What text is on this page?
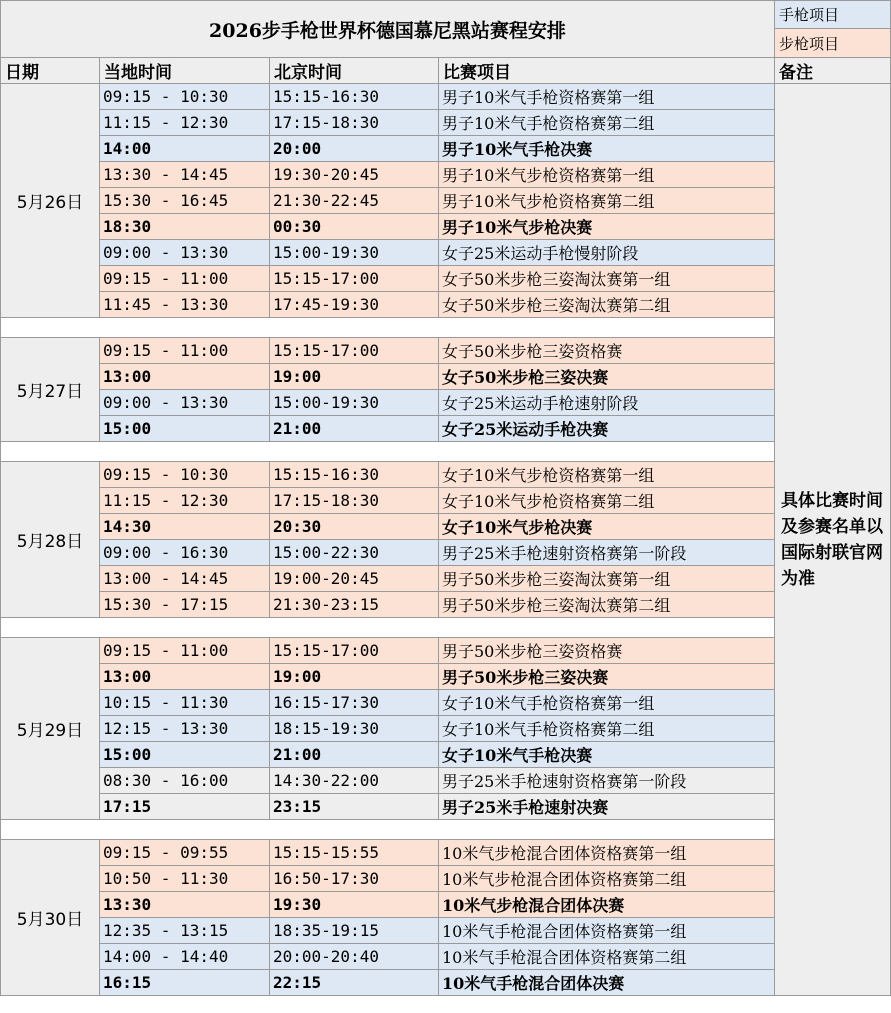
2026步手枪世界杯德国慕尼黑站赛程安排
手枪项目
步枪项目
日期	当地时间	北京时间	比赛项目	备注
5月26日
09:15 - 10:30	15:15-16:30	男子10米气手枪资格赛第一组
11:15 - 12:30	17:15-18:30	男子10米气手枪资格赛第二组
14:00	20:00	男子10米气手枪决赛
13:30 - 14:45	19:30-20:45	男子10米气步枪资格赛第一组
15:30 - 16:45	21:30-22:45	男子10米气步枪资格赛第二组
18:30	00:30	男子10米气步枪决赛
09:00 - 13:30	15:00-19:30	女子25米运动手枪慢射阶段
09:15 - 11:00	15:15-17:00	女子50米步枪三姿淘汰赛第一组
11:45 - 13:30	17:45-19:30	女子50米步枪三姿淘汰赛第二组
5月27日
09:15 - 11:00	15:15-17:00	女子50米步枪三姿资格赛
13:00	19:00	女子50米步枪三姿决赛
09:00 - 13:30	15:00-19:30	女子25米运动手枪速射阶段
15:00	21:00	女子25米运动手枪决赛
5月28日
09:15 - 10:30	15:15-16:30	女子10米气步枪资格赛第一组
11:15 - 12:30	17:15-18:30	女子10米气步枪资格赛第二组
14:30	20:30	女子10米气步枪决赛
09:00 - 16:30	15:00-22:30	男子25米手枪速射资格赛第一阶段
13:00 - 14:45	19:00-20:45	男子50米步枪三姿淘汰赛第一组
15:30 - 17:15	21:30-23:15	男子50米步枪三姿淘汰赛第二组
5月29日
09:15 - 11:00	15:15-17:00	男子50米步枪三姿资格赛
13:00	19:00	男子50米步枪三姿决赛
10:15 - 11:30	16:15-17:30	女子10米气手枪资格赛第一组
12:15 - 13:30	18:15-19:30	女子10米气手枪资格赛第二组
15:00	21:00	女子10米气手枪决赛
08:30 - 16:00	14:30-22:00	男子25米手枪速射资格赛第一阶段
17:15	23:15	男子25米手枪速射决赛
5月30日
09:15 - 09:55	15:15-15:55	10米气步枪混合团体资格赛第一组
10:50 - 11:30	16:50-17:30	10米气步枪混合团体资格赛第二组
13:30	19:30	10米气步枪混合团体决赛
12:35 - 13:15	18:35-19:15	10米气手枪混合团体资格赛第一组
14:00 - 14:40	20:00-20:40	10米气手枪混合团体资格赛第二组
16:15	22:15	10米气手枪混合团体决赛
具体比赛时间及参赛名单以国际射联官网为准
